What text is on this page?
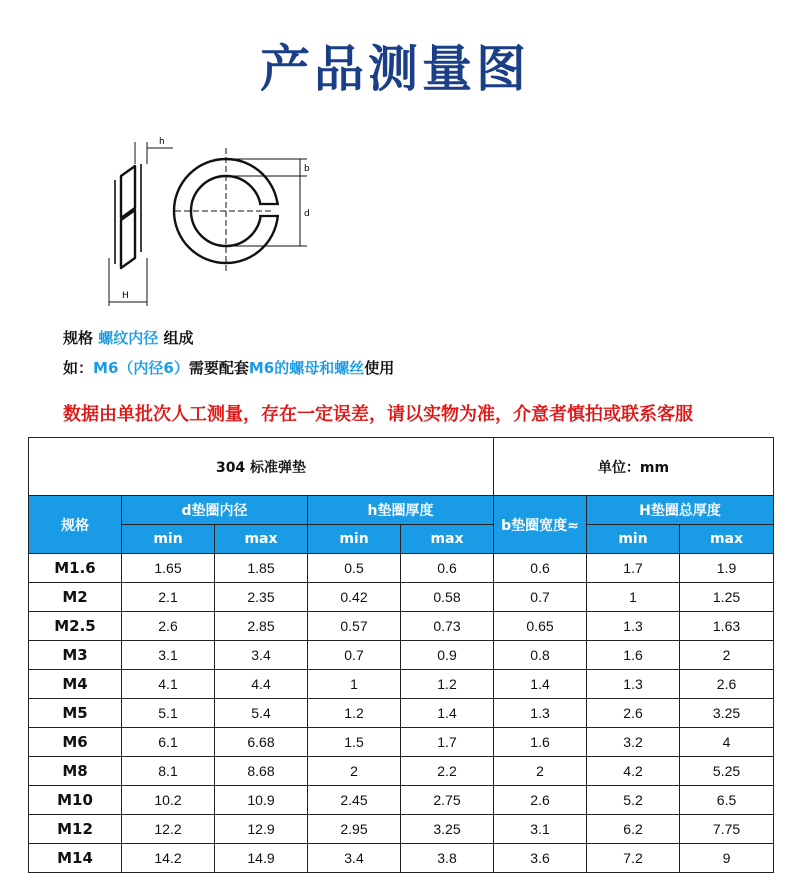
产品测量图
h
b
d
H
规格 螺纹内径 组成
如：M6（内径6）需要配套M6的螺母和螺丝使用
数据由单批次人工测量，存在一定误差，请以实物为准，介意者慎拍或联系客服
304 标准弹垫					单位：mm		
规格	d垫圈内径		h垫圈厚度		b垫圈宽度≈	H垫圈总厚度	
	min	max	min	max		min	max
M1.6	1.65	1.85	0.5	0.6	0.6	1.7	1.9
M2	2.1	2.35	0.42	0.58	0.7	1	1.25
M2.5	2.6	2.85	0.57	0.73	0.65	1.3	1.63
M3	3.1	3.4	0.7	0.9	0.8	1.6	2
M4	4.1	4.4	1	1.2	1.4	1.3	2.6
M5	5.1	5.4	1.2	1.4	1.3	2.6	3.25
M6	6.1	6.68	1.5	1.7	1.6	3.2	4
M8	8.1	8.68	2	2.2	2	4.2	5.25
M10	10.2	10.9	2.45	2.75	2.6	5.2	6.5
M12	12.2	12.9	2.95	3.25	3.1	6.2	7.75
M14	14.2	14.9	3.4	3.8	3.6	7.2	9
